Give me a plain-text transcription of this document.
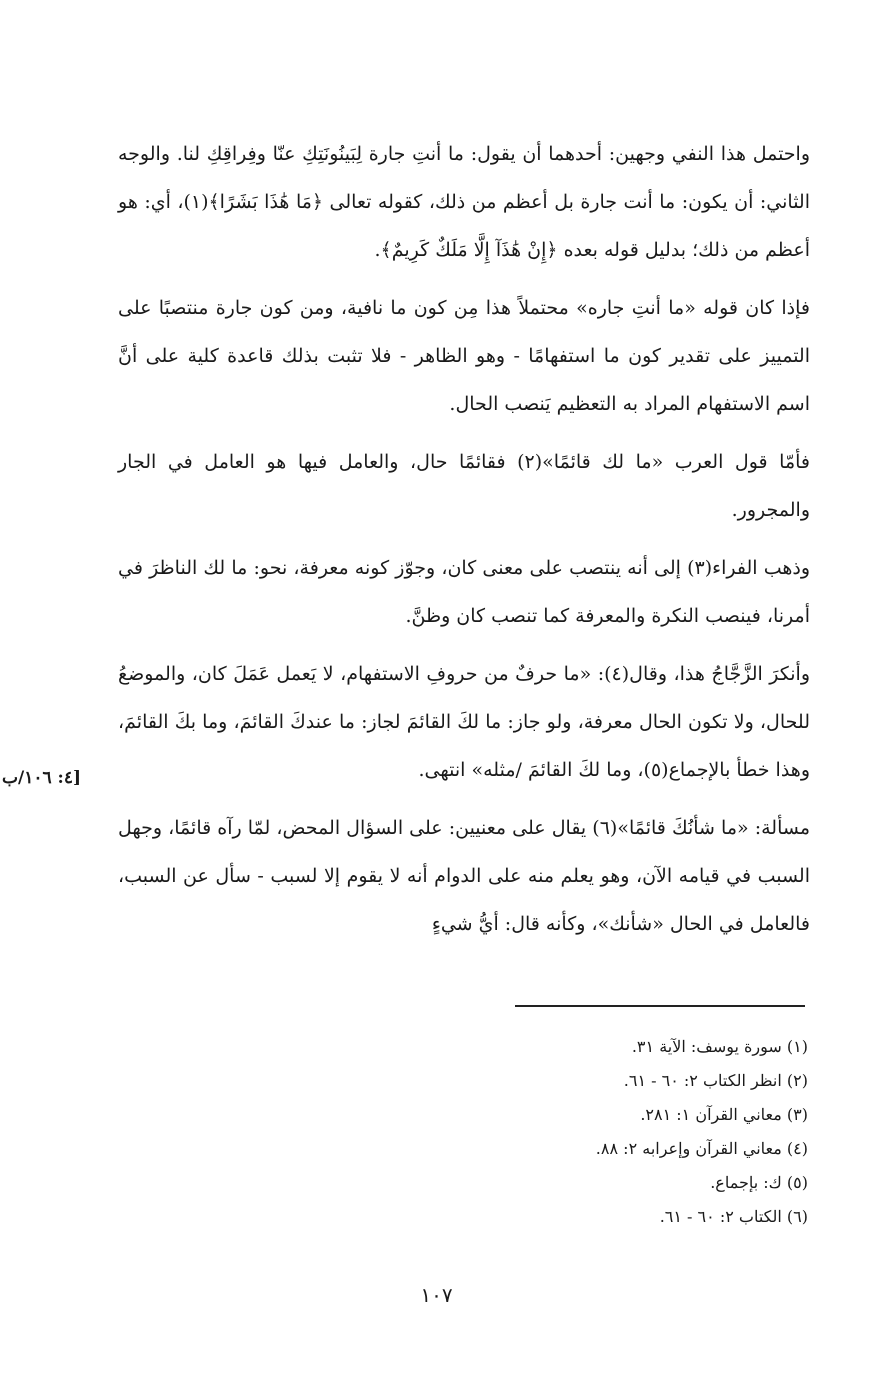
واحتمل هذا النفي وجهين: أحدهما أن يقول: ما أنتِ جارة لِبَينُونَتِكِ عنّا وفِراقِكِ لنا. والوجه الثاني: أن يكون: ما أنت جارة بل أعظم من ذلك، كقوله تعالى ﴿مَا هَٰذَا بَشَرًا﴾(١)، أي: هو أعظم من ذلك؛ بدليل قوله بعده ﴿إِنْ هَٰذَآ إِلَّا مَلَكٌ كَرِيمٌ﴾.

فإذا كان قوله «ما أنتِ جاره» محتملاً هذا مِن كون ما نافية، ومن كون جارة منتصبًا على التمييز على تقدير كون ما استفهامًا - وهو الظاهر - فلا تثبت بذلك قاعدة كلية على أنَّ اسم الاستفهام المراد به التعظيم يَنصب الحال.

فأمّا قول العرب «ما لك قائمًا»(٢) فقائمًا حال، والعامل فيها هو العامل في الجار والمجرور.

وذهب الفراء(٣) إلى أنه ينتصب على معنى كان، وجوّز كونه معرفة، نحو: ما لك الناظرَ في أمرنا، فينصب النكرة والمعرفة كما تنصب كان وظنَّ.

وأنكرَ الزَّجَّاجُ هذا، وقال(٤): «ما حرفٌ من حروفِ الاستفهام، لا يَعمل عَمَلَ كان، والموضعُ للحال، ولا تكون الحال معرفة، ولو جاز: ما لكَ القائمَ لجاز: ما عندكَ القائمَ، وما بكَ القائمَ، وهذا خطأ بالإجماع(٥)، وما لكَ القائمَ /مثله» انتهى.

مسألة: «ما شأنُكَ قائمًا»(٦) يقال على معنيين: على السؤال المحض، لمّا رآه قائمًا، وجهل السبب في قيامه الآن، وهو يعلم منه على الدوام أنه لا يقوم إلا لسبب - سأل عن السبب، فالعامل في الحال «شأنك»، وكأنه قال: أيُّ شيءٍ

[٤: ١٠٦/ب

(١) سورة يوسف: الآية ٣١.

(٢) انظر الكتاب ٢: ٦٠ - ٦١.

(٣) معاني القرآن ١: ٢٨١.

(٤) معاني القرآن وإعرابه ٢: ٨٨.

(٥) ك: بإجماع.

(٦) الكتاب ٢: ٦٠ - ٦١.

١٠٧
